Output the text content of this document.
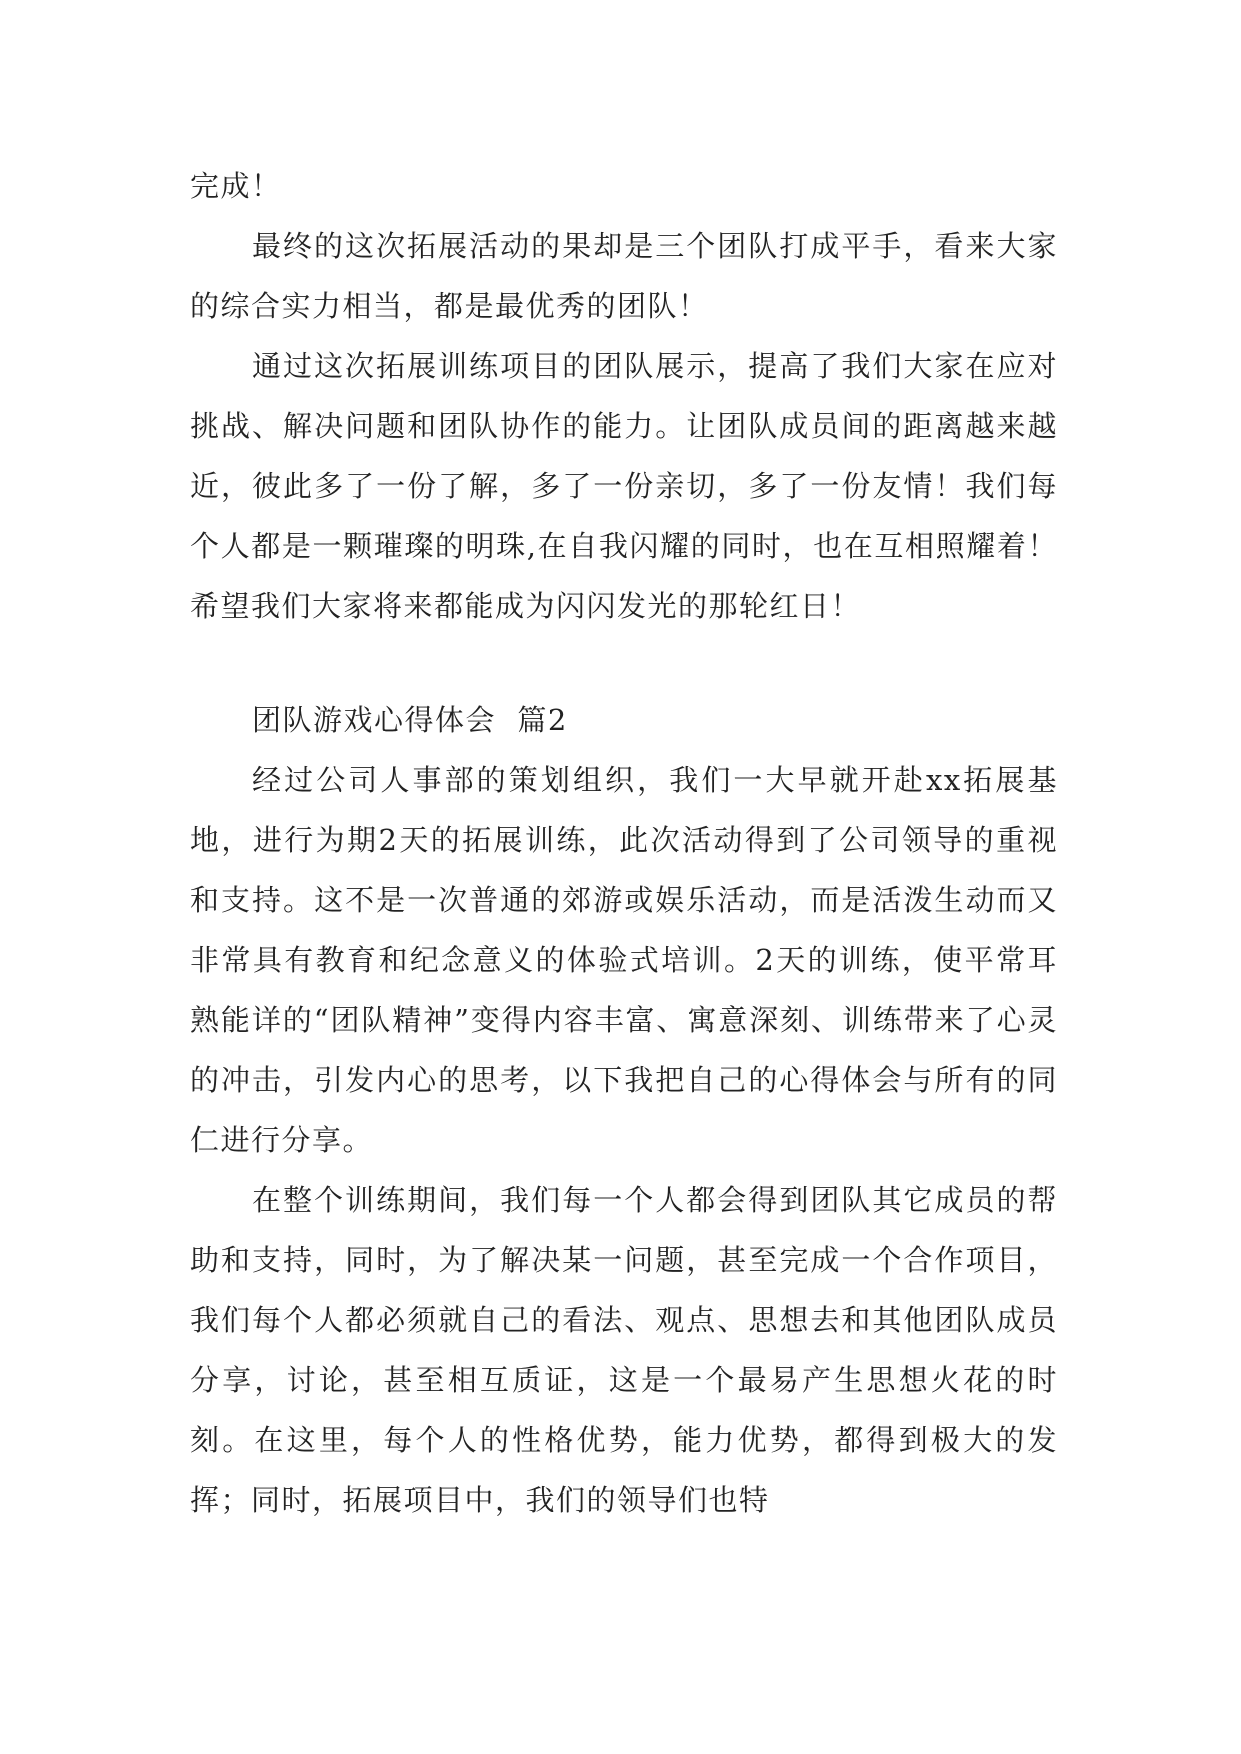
完成！

最终的这次拓展活动的果却是三个团队打成平手，看来大家的综合实力相当，都是最优秀的团队！

通过这次拓展训练项目的团队展示，提高了我们大家在应对挑战、解决问题和团队协作的能力。让团队成员间的距离越来越近，彼此多了一份了解，多了一份亲切，多了一份友情！我们每个人都是一颗璀璨的明珠,在自我闪耀的同时，也在互相照耀着！希望我们大家将来都能成为闪闪发光的那轮红日！

团队游戏心得体会  篇2

经过公司人事部的策划组织，我们一大早就开赴xx拓展基地，进行为期2天的拓展训练，此次活动得到了公司领导的重视和支持。这不是一次普通的郊游或娱乐活动，而是活泼生动而又非常具有教育和纪念意义的体验式培训。2天的训练，使平常耳熟能详的“团队精神”变得内容丰富、寓意深刻、训练带来了心灵的冲击，引发内心的思考，以下我把自己的心得体会与所有的同仁进行分享。

在整个训练期间，我们每一个人都会得到团队其它成员的帮助和支持，同时，为了解决某一问题，甚至完成一个合作项目，我们每个人都必须就自己的看法、观点、思想去和其他团队成员分享，讨论，甚至相互质证，这是一个最易产生思想火花的时刻。在这里，每个人的性格优势，能力优势，都得到极大的发挥；同时，拓展项目中，我们的领导们也特
